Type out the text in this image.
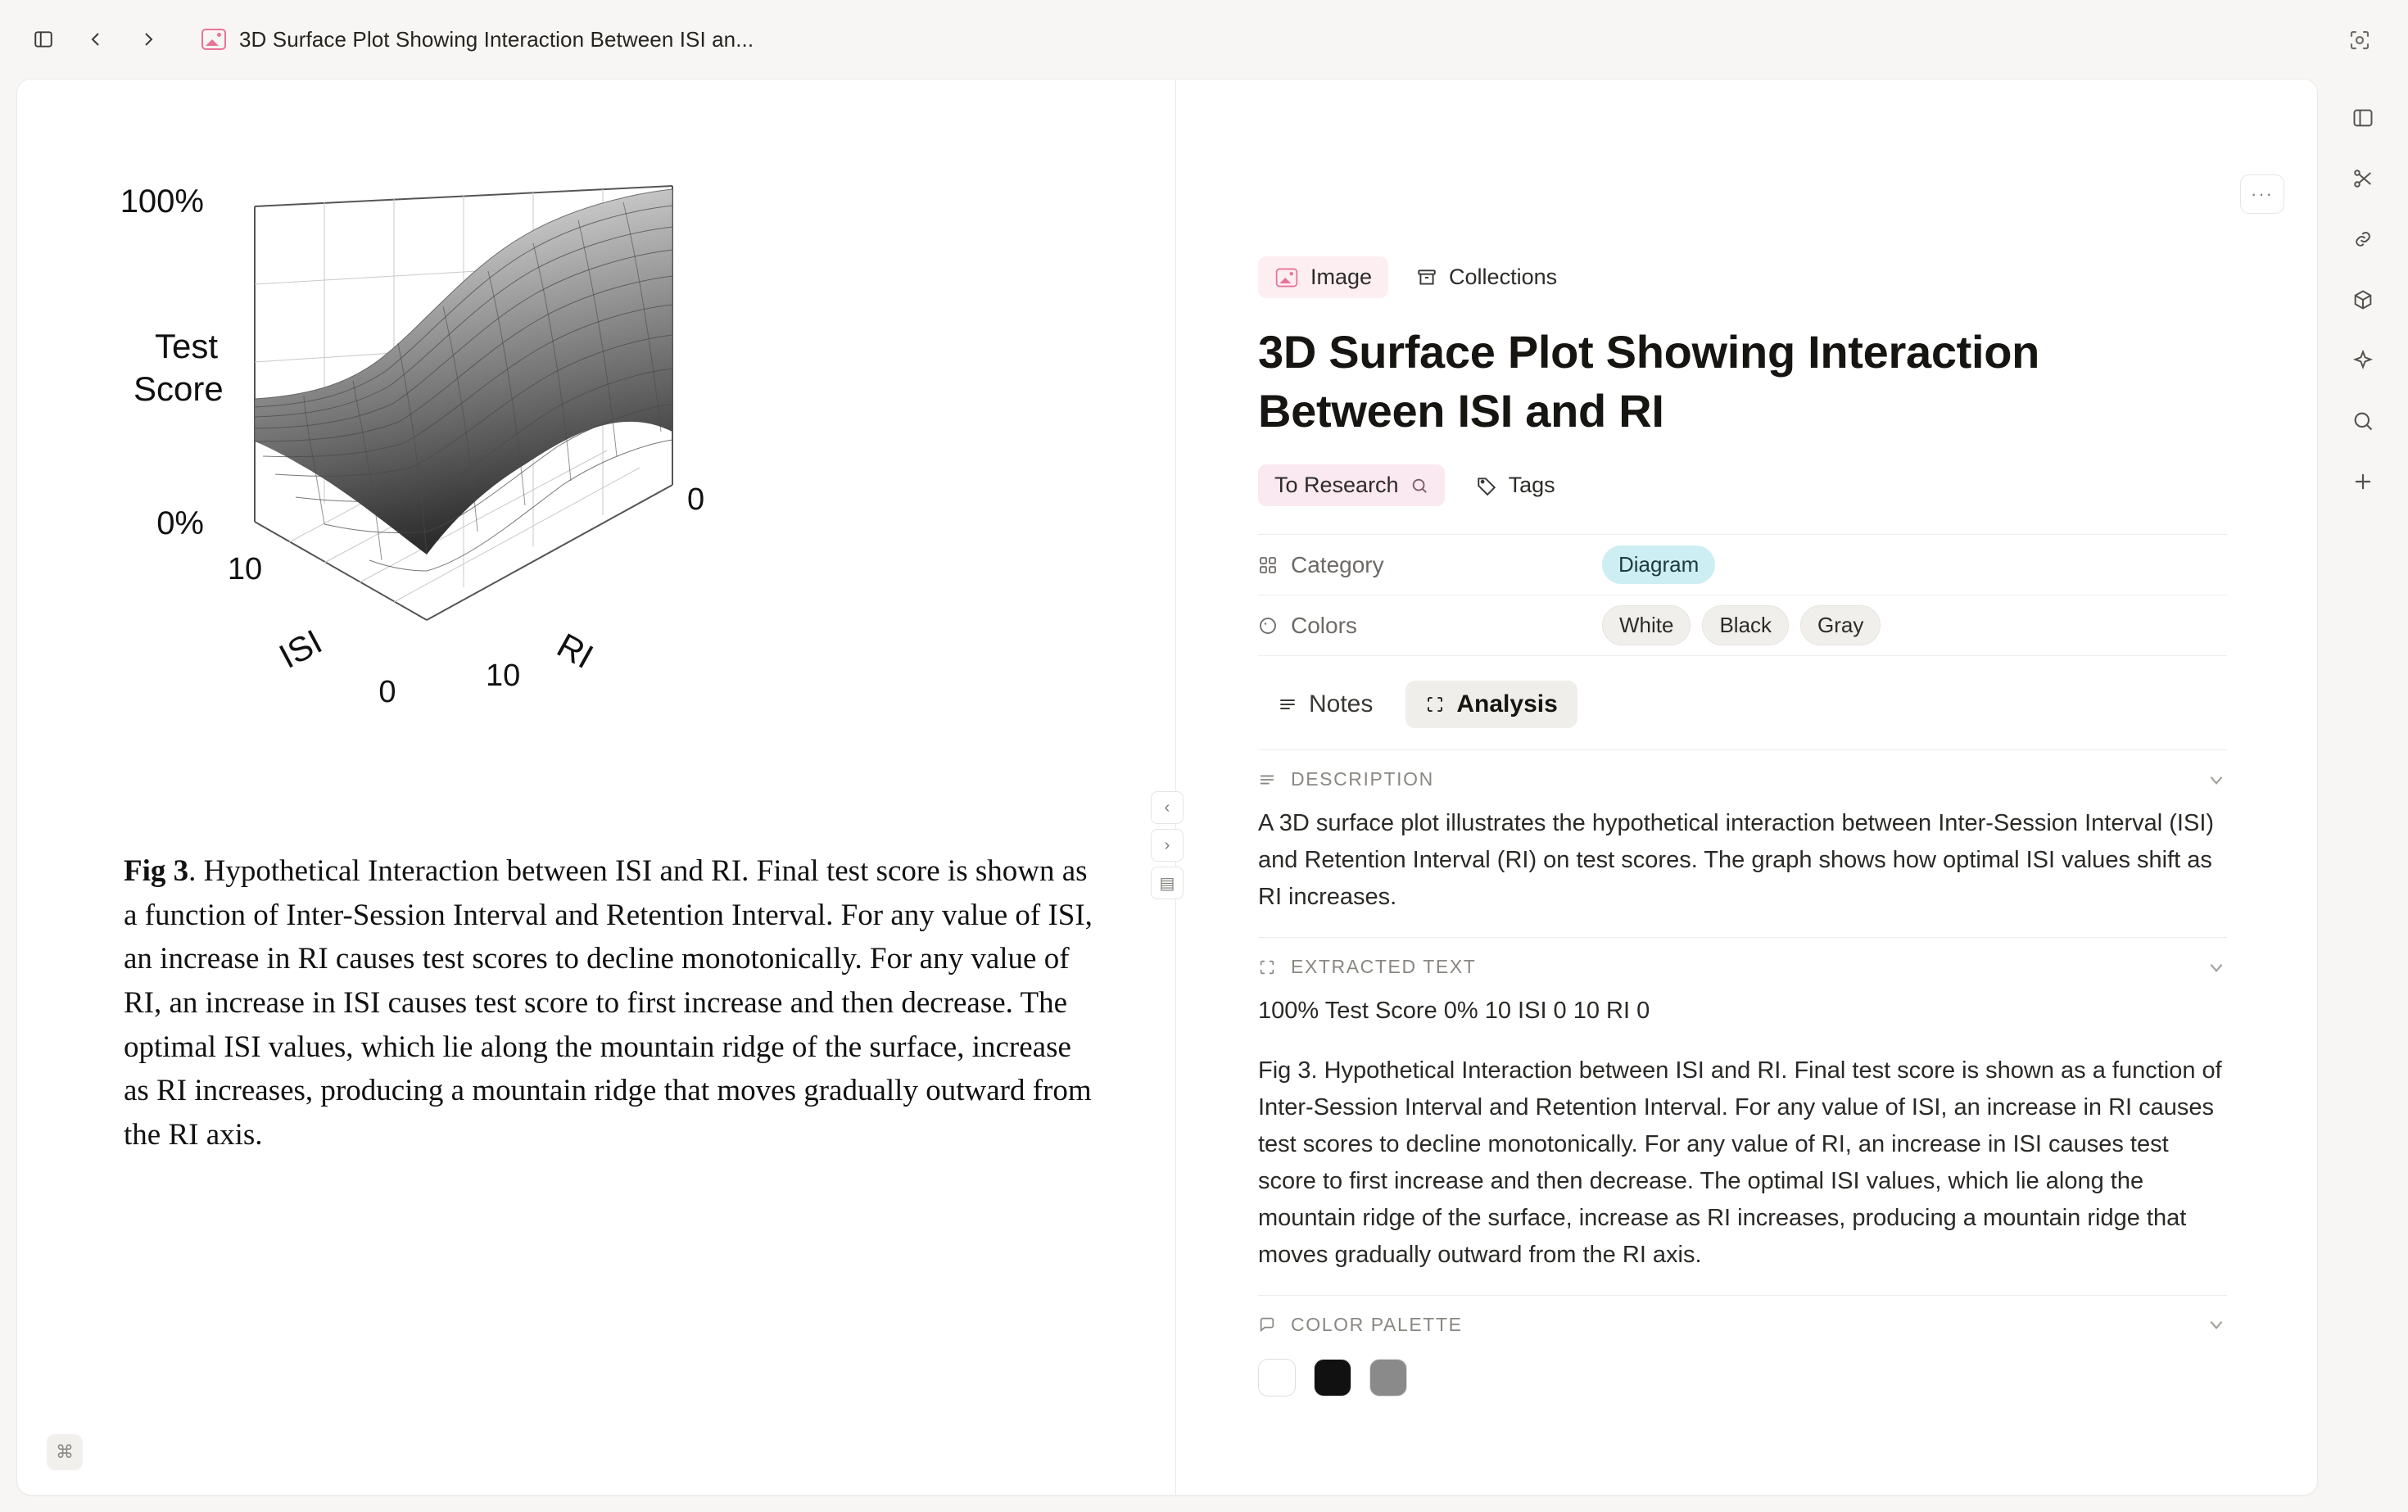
3D Surface Plot Showing Interaction Between ISI an...
100%
0%
Test
Score
10
0
ISI
10 RI
0
Fig 3. Hypothetical Interaction between ISI and RI. Final test score is shown as a function of Inter-Session Interval and Retention Interval. For any value of ISI, an increase in RI causes test scores to decline monotonically. For any value of RI, an increase in ISI causes test score to first increase and then decrease. The optimal ISI values, which lie along the mountain ridge of the surface, increase as RI increases, producing a mountain ridge that moves gradually outward from the RI axis.
⌘
···
Image	Collections
3D Surface Plot Showing Interaction Between ISI and RI
To Research	Tags
Category	Diagram
Colors	White	Black	Gray
Notes	Analysis
DESCRIPTION

A 3D surface plot illustrates the hypothetical interaction between Inter-Session Interval (ISI) and Retention Interval (RI) on test scores. The graph shows how optimal ISI values shift as RI increases.

EXTRACTED TEXT

100% Test Score 0% 10 ISI 0 10 RI 0

Fig 3. Hypothetical Interaction between ISI and RI. Final test score is shown as a function of Inter-Session Interval and Retention Interval. For any value of ISI, an increase in RI causes test scores to decline monotonically. For any value of RI, an increase in ISI causes test score to first increase and then decrease. The optimal ISI values, which lie along the mountain ridge of the surface, increase as RI increases, producing a mountain ridge that moves gradually outward from the RI axis.

COLOR PALETTE
‹
›
▤
